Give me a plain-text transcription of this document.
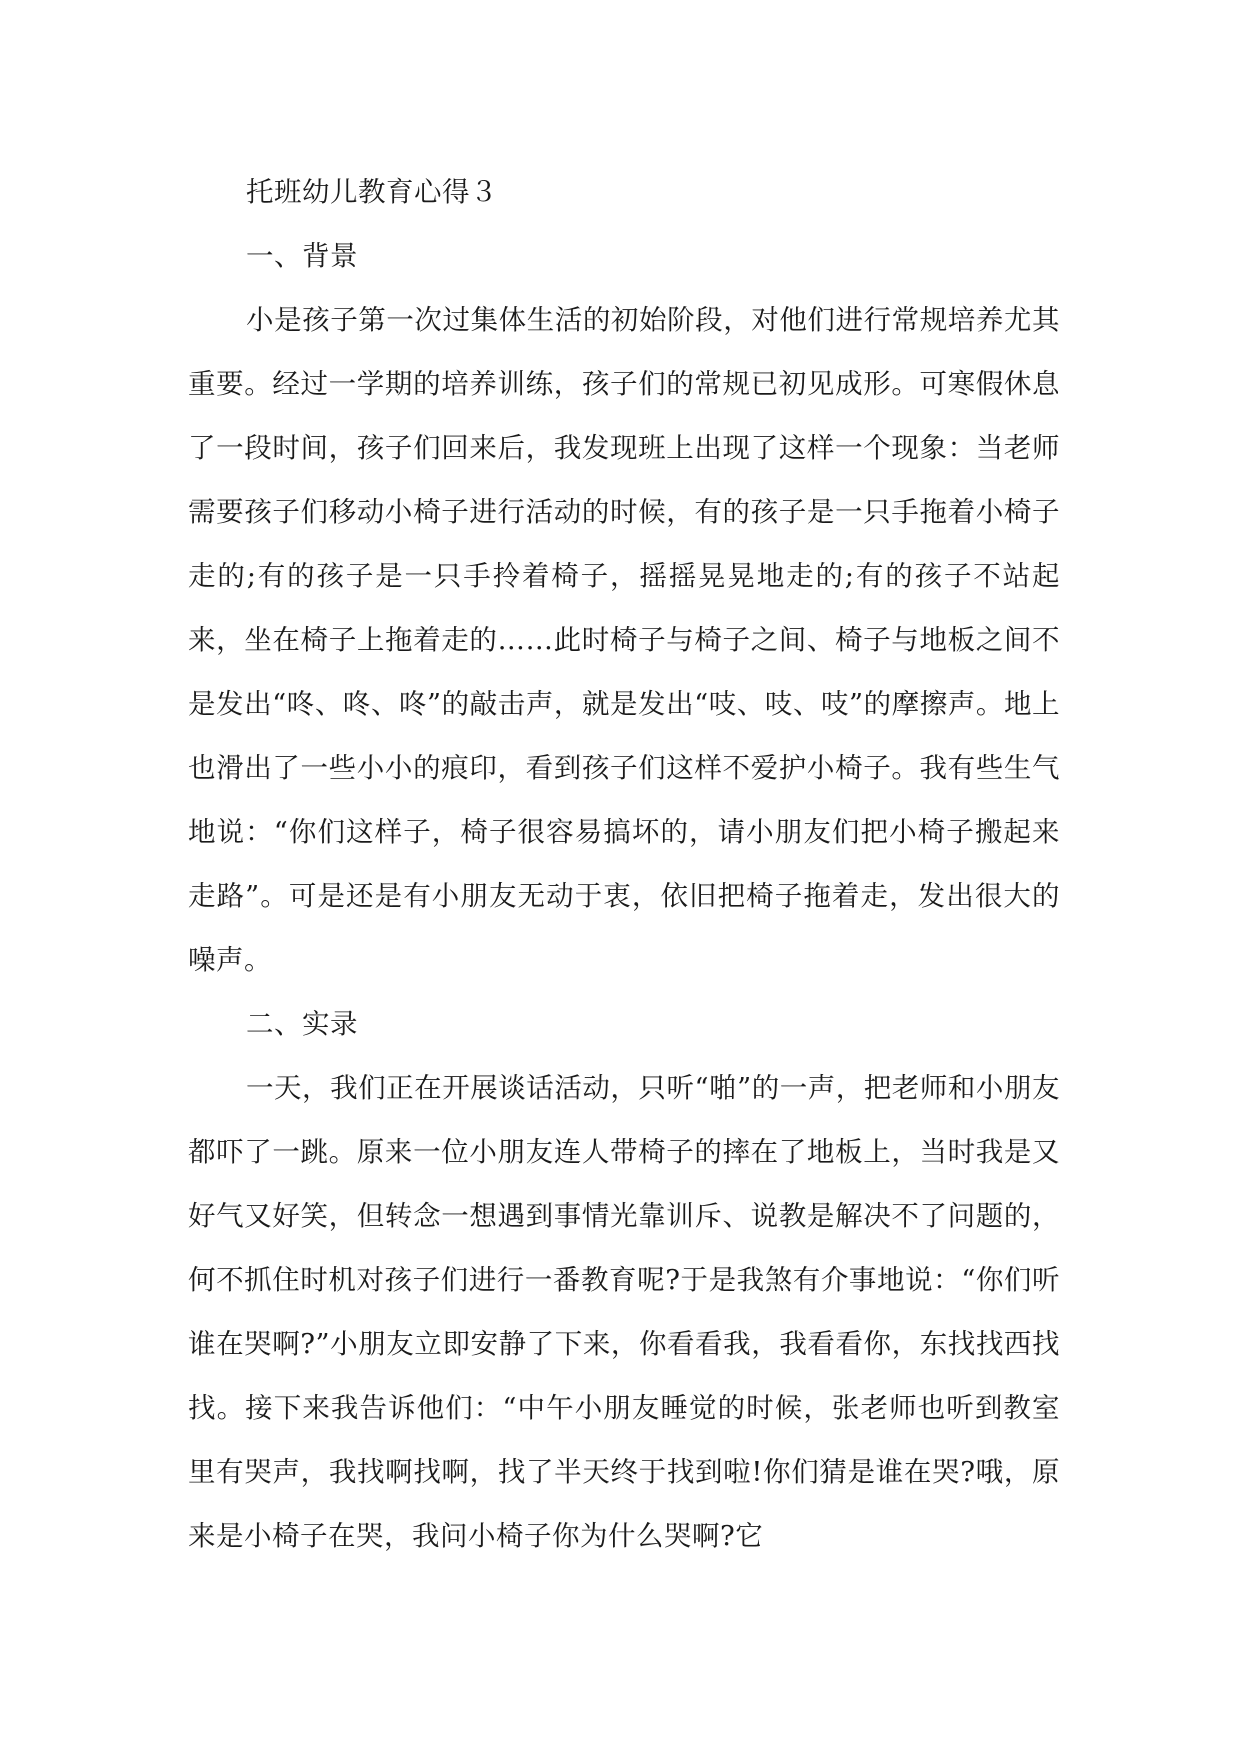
托班幼儿教育心得３
一、背景

小是孩子第一次过集体生活的初始阶段，对他们进行常规培养尤其重要。经过一学期的培养训练，孩子们的常规已初见成形。可寒假休息了一段时间，孩子们回来后，我发现班上出现了这样一个现象：当老师需要孩子们移动小椅子进行活动的时候，有的孩子是一只手拖着小椅子走的;有的孩子是一只手拎着椅子，摇摇晃晃地走的;有的孩子不站起来，坐在椅子上拖着走的……此时椅子与椅子之间、椅子与地板之间不是发出“咚、咚、咚”的敲击声，就是发出“吱、吱、吱”的摩擦声。地上也滑出了一些小小的痕印，看到孩子们这样不爱护小椅子。我有些生气地说：“你们这样子，椅子很容易搞坏的，请小朋友们把小椅子搬起来走路”。可是还是有小朋友无动于衷，依旧把椅子拖着走，发出很大的噪声。

二、实录

一天，我们正在开展谈话活动，只听“啪”的一声，把老师和小朋友都吓了一跳。原来一位小朋友连人带椅子的摔在了地板上，当时我是又好气又好笑，但转念一想遇到事情光靠训斥、说教是解决不了问题的，何不抓住时机对孩子们进行一番教育呢?于是我煞有介事地说：“你们听谁在哭啊?”小朋友立即安静了下来，你看看我，我看看你，东找找西找找。接下来我告诉他们：“中午小朋友睡觉的时候，张老师也听到教室里有哭声，我找啊找啊，找了半天终于找到啦!你们猜是谁在哭?哦，原来是小椅子在哭，我问小椅子你为什么哭啊?它
